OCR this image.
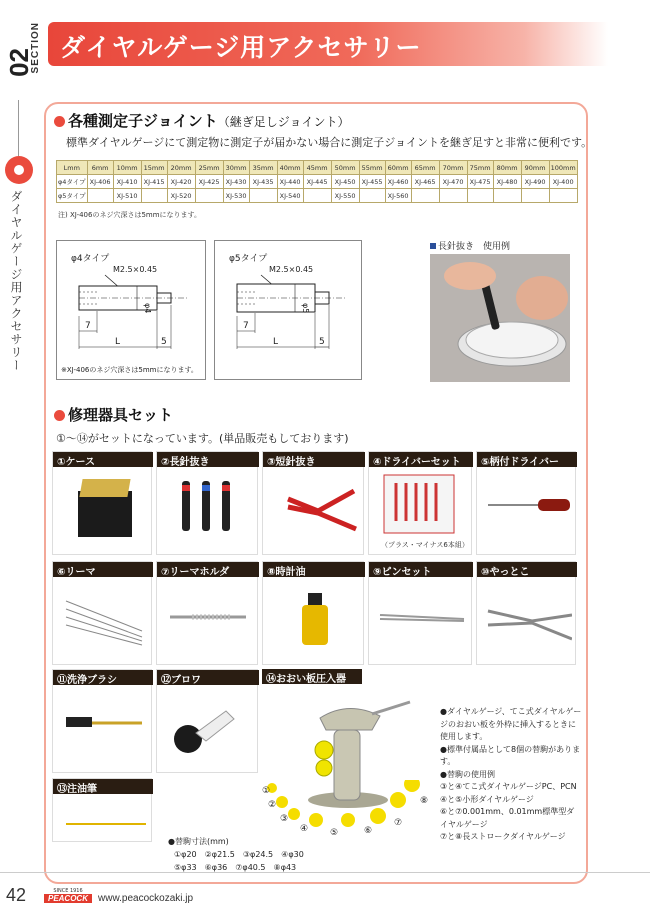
SECTION
02
ダイヤルゲージ用アクセサリー
ダイヤルゲージ用アクセサリー
各種測定子ジョイント（継ぎ足しジョイント）
標準ダイヤルゲージにて測定物に測定子が届かない場合に測定子ジョイントを継ぎ足すと非常に便利です。
Lmm	6mm	10mm	15mm	20mm	25mm	30mm	35mm	40mm	45mm	50mm	55mm	60mm	65mm	70mm	75mm	80mm	90mm	100mm
φ4タイプ	XJ-406	XJ-410	XJ-415	XJ-420	XJ-425	XJ-430	XJ-435	XJ-440	XJ-445	XJ-450	XJ-455	XJ-460	XJ-465	XJ-470	XJ-475	XJ-480	XJ-490	XJ-400
φ5タイプ		XJ-510		XJ-520		XJ-530		XJ-540		XJ-550		XJ-560						
注) XJ-406のネジ穴深さは5mmになります。
φ4タイプ
M2.5×0.45
φ4
7
L	5
※XJ-406のネジ穴深さは5mmになります。
φ5タイプ
M2.5×0.45
φ5
7
L	5
長針抜き　使用例
修理器具セット
①～⑭がセットになっています。(単品販売もしております)
①ケース	②長針抜き	③短針抜き	④ドライバーセット
（プラス・マイナス6本組）
⑤柄付ドライバー
⑥リーマ	⑦リーマホルダ	⑧時計油	⑨ピンセット	⑩やっとこ
⑪洗浄ブラシ	⑫ブロワ
⑬注油筆
⑭おおい板圧入器
● ダイヤルゲージ、てこ式ダイヤルゲージのおおい板を外枠に挿入するときに使用します。
● 標準付属品として8個の替駒があります。
● 替駒の使用例
③と④てこ式ダイヤルゲージPC、PCN
④と⑤小形ダイヤルゲージ
⑥と⑦0.001mm、0.01mm標準型ダイヤルゲージ
⑦と⑧長ストロークダイヤルゲージ
●替駒寸法(mm)
①φ20　②φ21.5　③φ24.5　④φ30
⑤φ33　⑥φ36　⑦φ40.5　⑧φ43
42	SINCE 1916
PEACOCK	www.peacockozaki.jp
①
②
③
④ ⑤	⑥
⑦
⑧
